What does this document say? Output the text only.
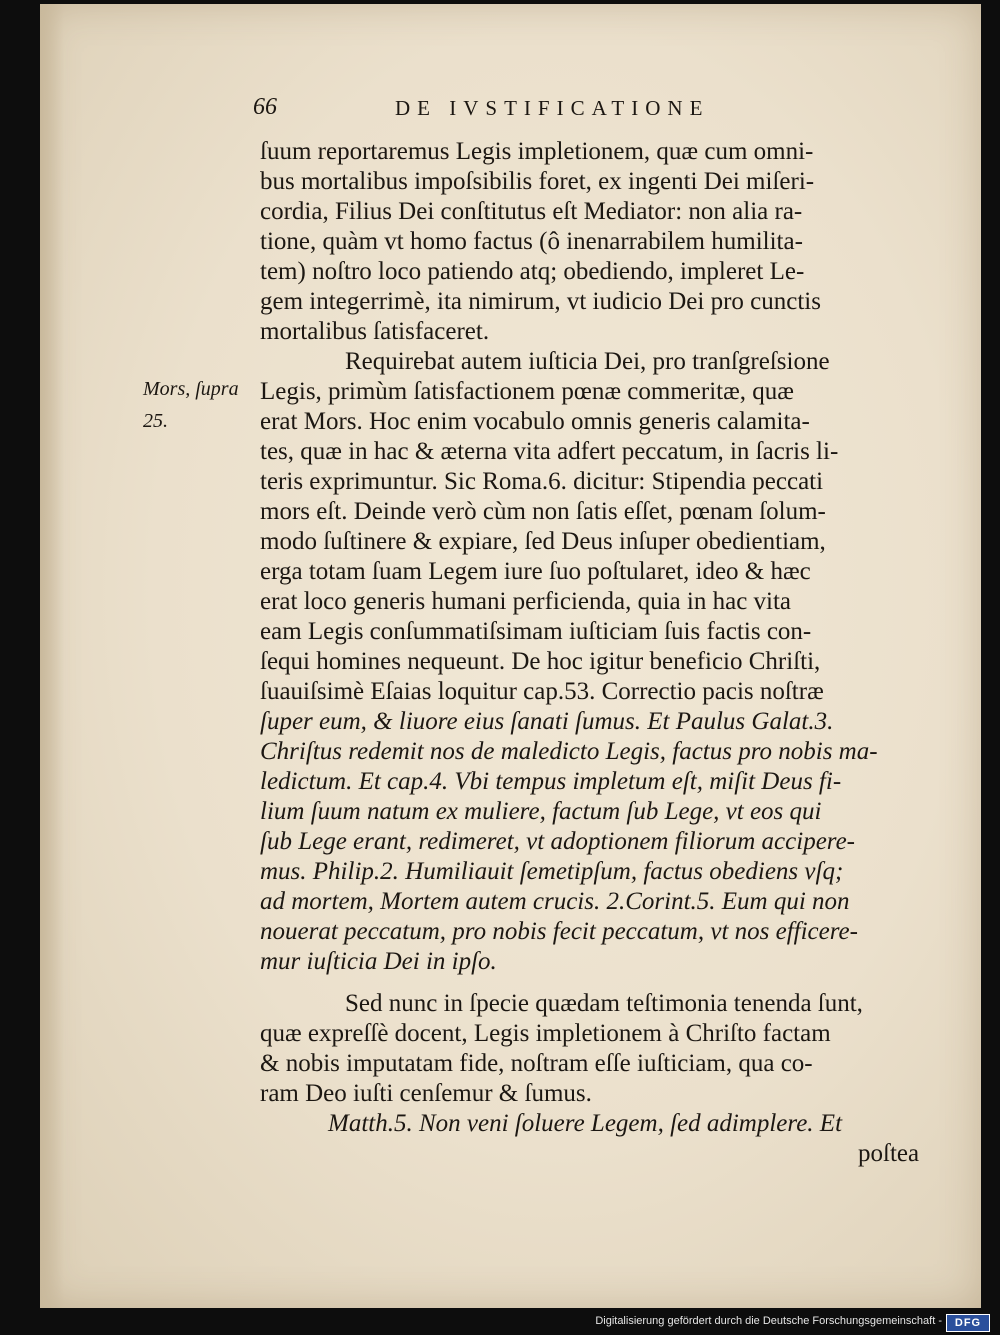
66	DE IVSTIFICATIONE

Mors, ſupra

25.

ſuum reportaremus Legis impletionem, quæ cum omni-

bus mortalibus impoſsibilis foret, ex ingenti Dei miſeri-

cordia, Filius Dei conſtitutus eſt Mediator: non alia ra-

tione, quàm vt homo factus (ô inenarrabilem humilita-

tem) noſtro loco patiendo atq; obediendo, impleret Le-

gem integerrimè, ita nimirum, vt iudicio Dei pro cunctis

mortalibus ſatisfaceret.

Requirebat autem iuſticia Dei, pro tranſgreſsione

Legis, primùm ſatisfactionem pœnæ commeritæ, quæ

erat Mors. Hoc enim vocabulo omnis generis calamita-

tes, quæ in hac & æterna vita adfert peccatum, in ſacris li-

teris exprimuntur. Sic Roma.6. dicitur: Stipendia peccati

mors eſt. Deinde verò cùm non ſatis eſſet, pœnam ſolum-

modo ſuſtinere & expiare, ſed Deus inſuper obedientiam,

erga totam ſuam Legem iure ſuo poſtularet, ideo & hæc

erat loco generis humani perficienda, quia in hac vita

eam Legis conſummatiſsimam iuſticiam ſuis factis con-

ſequi homines nequeunt. De hoc igitur beneficio Chriſti,

ſuauiſsimè Eſaias loquitur cap.53. Correctio pacis noſtræ

ſuper eum, & liuore eius ſanati ſumus. Et Paulus Galat.3.

Chriſtus redemit nos de maledicto Legis, factus pro nobis ma-

ledictum. Et cap.4. Vbi tempus impletum eſt, miſit Deus fi-

lium ſuum natum ex muliere, factum ſub Lege, vt eos qui

ſub Lege erant, redimeret, vt adoptionem filiorum accipere-

mus. Philip.2. Humiliauit ſemetipſum, factus obediens vſq;

ad mortem, Mortem autem crucis. 2.Corint.5. Eum qui non

nouerat peccatum, pro nobis fecit peccatum, vt nos efficere-

mur iuſticia Dei in ipſo.

Sed nunc in ſpecie quædam teſtimonia tenenda ſunt,

quæ expreſſè docent, Legis impletionem à Chriſto factam

& nobis imputatam fide, noſtram eſſe iuſticiam, qua co-

ram Deo iuſti cenſemur & ſumus.

Matth.5. Non veni ſoluere Legem, ſed adimplere. Et

poſtea

Digitalisierung gefördert durch die Deutsche Forschungsgemeinschaft -	DFG
